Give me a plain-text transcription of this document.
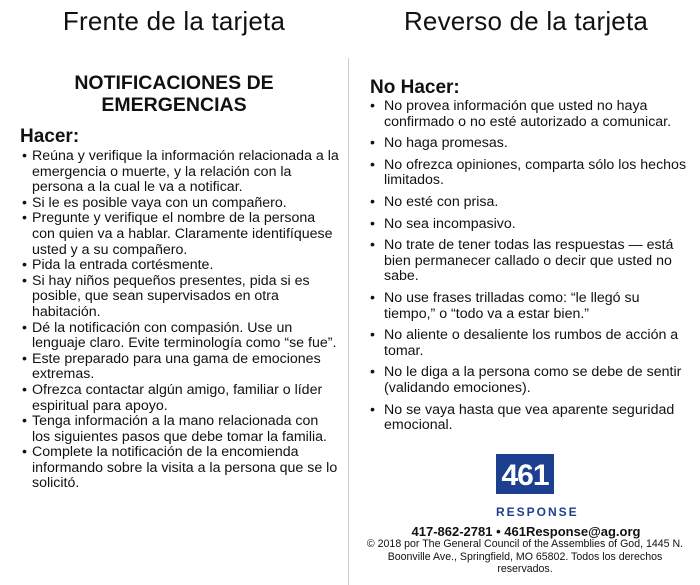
Frente de la tarjeta
NOTIFICACIONES DE
EMERGENCIAS
Hacer:
• Reúna y verifique la información relacionada a la emergencia o muerte, y la relación con la persona a la cual le va a notificar.
• Si le es posible vaya con un compañero.
• Pregunte y verifique el nombre de la persona con quien va a hablar. Claramente identifíquese usted y a su compañero.
• Pida la entrada cortésmente.
• Si hay niños pequeños presentes, pida si es posible, que sean supervisados en otra habitación.
• Dé la notificación con compasión. Use un lenguaje claro. Evite terminología como “se fue”.
• Este preparado para una gama de emociones extremas.
• Ofrezca contactar algún amigo, familiar o líder espiritual para apoyo.
• Tenga información a la mano relacionada con los siguientes pasos que debe tomar la familia.
• Complete la notificación de la encomienda informando sobre la visita a la persona que se lo solicitó.
Reverso de la tarjeta
No Hacer:
• No provea información que usted no haya confirmado o no esté autorizado a comunicar.
• No haga promesas.
• No ofrezca opiniones, comparta sólo los hechos limitados.
• No esté con prisa.
• No sea incompasivo.
• No trate de tener todas las respuestas — está bien permanecer callado o decir que usted no sabe.
• No use frases trilladas como: “le llegó su tiempo,” o “todo va a estar bien.”
• No aliente o desaliente los rumbos de acción a tomar.
• No le diga a la persona como se debe de sentir (validando emociones).
• No se vaya hasta que vea aparente seguridad emocional.
461
RESPONSE
417-862-2781 • 461Response@ag.org
© 2018 por The General Council of the Assemblies of God, 1445 N. Boonville Ave., Springfield, MO 65802. Todos los derechos reservados.
